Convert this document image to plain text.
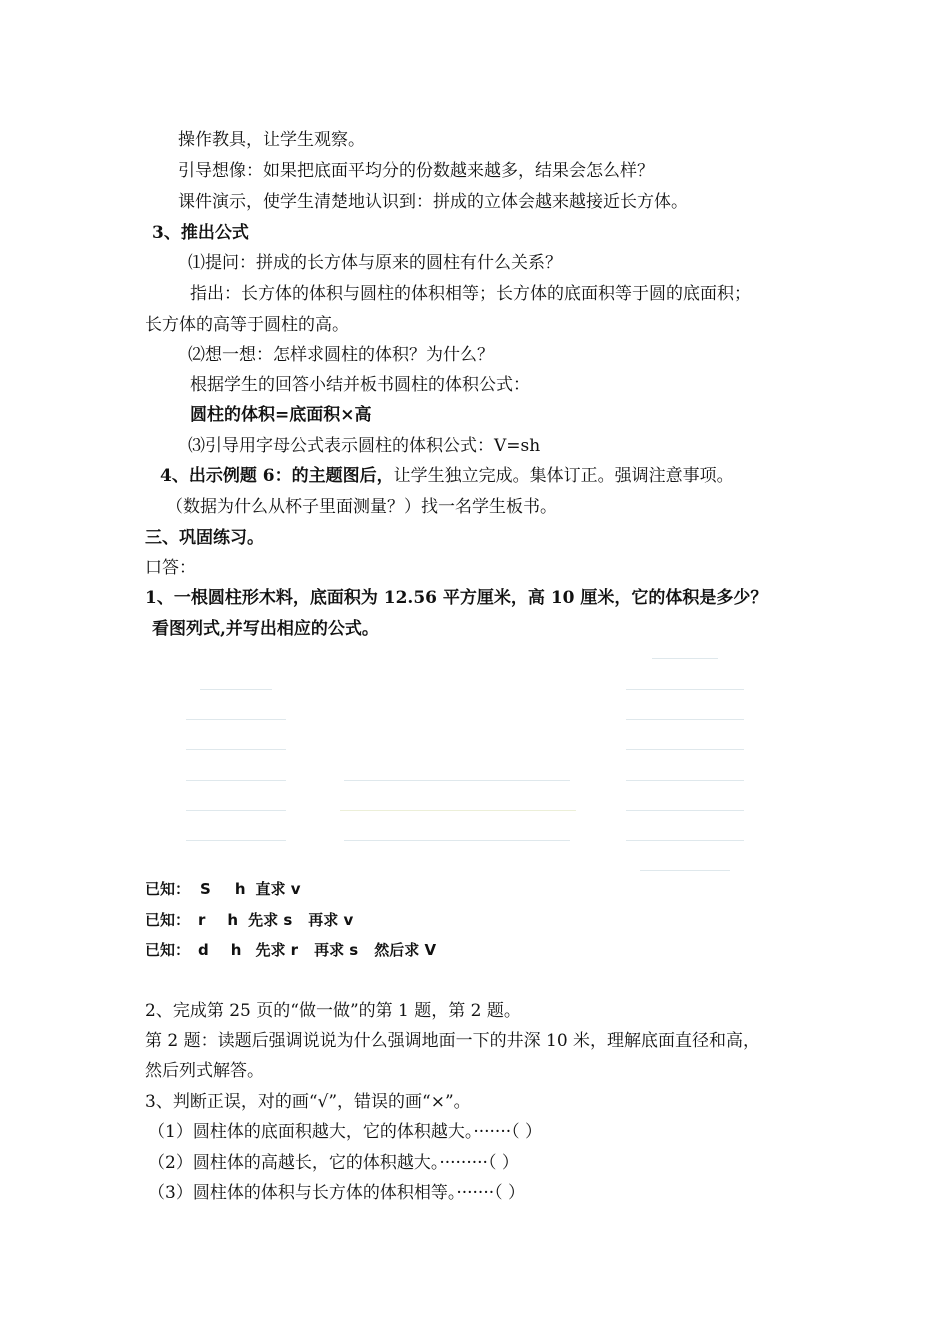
操作教具，让学生观察。
引导想像：如果把底面平均分的份数越来越多，结果会怎么样？
课件演示，使学生清楚地认识到：拼成的立体会越来越接近长方体。
3、推出公式
⑴提问：拼成的长方体与原来的圆柱有什么关系？
指出：长方体的体积与圆柱的体积相等；长方体的底面积等于圆的底面积；
长方体的高等于圆柱的高。
⑵想一想：怎样求圆柱的体积？为什么？
根据学生的回答小结并板书圆柱的体积公式：
圆柱的体积=底面积×高
⑶引导用字母公式表示圆柱的体积公式：V=sh
4、出示例题 6：的主题图后，让学生独立完成。集体订正。强调注意事项。
（数据为什么从杯子里面测量？）找一名学生板书。
三、巩固练习。
口答：
1、一根圆柱形木料，底面积为 12.56 平方厘米，高 10 厘米，它的体积是多少？
看图列式,并写出相应的公式。
已知： S h 直求 v
已知： r h 先求 s 再求 v
已知： d h 先求 r 再求 s 然后求 V
2、完成第 25 页的“做一做”的第 1 题，第 2 题。
第 2 题：读题后强调说说为什么强调地面一下的井深 10 米，理解底面直径和高，
然后列式解答。
3、判断正误，对的画“√”，错误的画“×”。
（1）圆柱体的底面积越大，它的体积越大。·······（ ）
（2）圆柱体的高越长，它的体积越大。·········（ ）
（3）圆柱体的体积与长方体的体积相等。·······（ ）
